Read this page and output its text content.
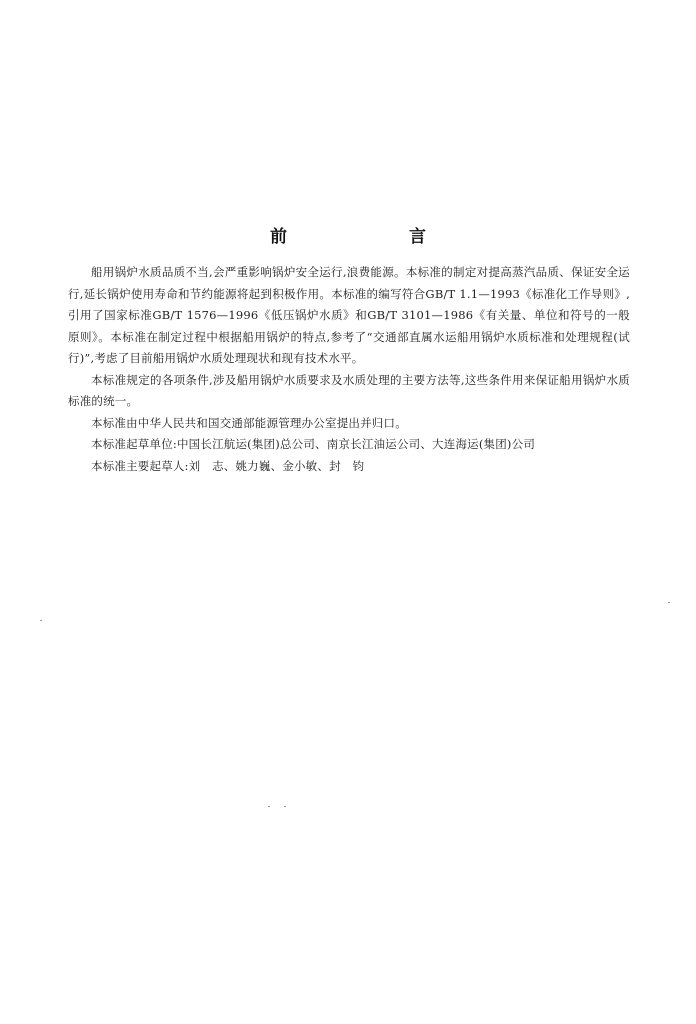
前 言

船用锅炉水质品质不当,会严重影响锅炉安全运行,浪费能源。本标准的制定对提高蒸汽品质、保证安全运行,延长锅炉使用寿命和节约能源将起到积极作用。本标准的编写符合GB/T 1.1—1993《标准化工作导则》,引用了国家标准GB/T 1576—1996《低压锅炉水质》和GB/T 3101—1986《有关量、单位和符号的一般原则》。本标准在制定过程中根据船用锅炉的特点,参考了“交通部直属水运船用锅炉水质标准和处理规程(试行)”,考虑了目前船用锅炉水质处理现状和现有技术水平。

本标准规定的各项条件,涉及船用锅炉水质要求及水质处理的主要方法等,这些条件用来保证船用锅炉水质标准的统一。

本标准由中华人民共和国交通部能源管理办公室提出并归口。

本标准起草单位:中国长江航运(集团)总公司、南京长江油运公司、大连海运(集团)公司

本标准主要起草人:刘　志、姚力巍、金小敏、封　钧
